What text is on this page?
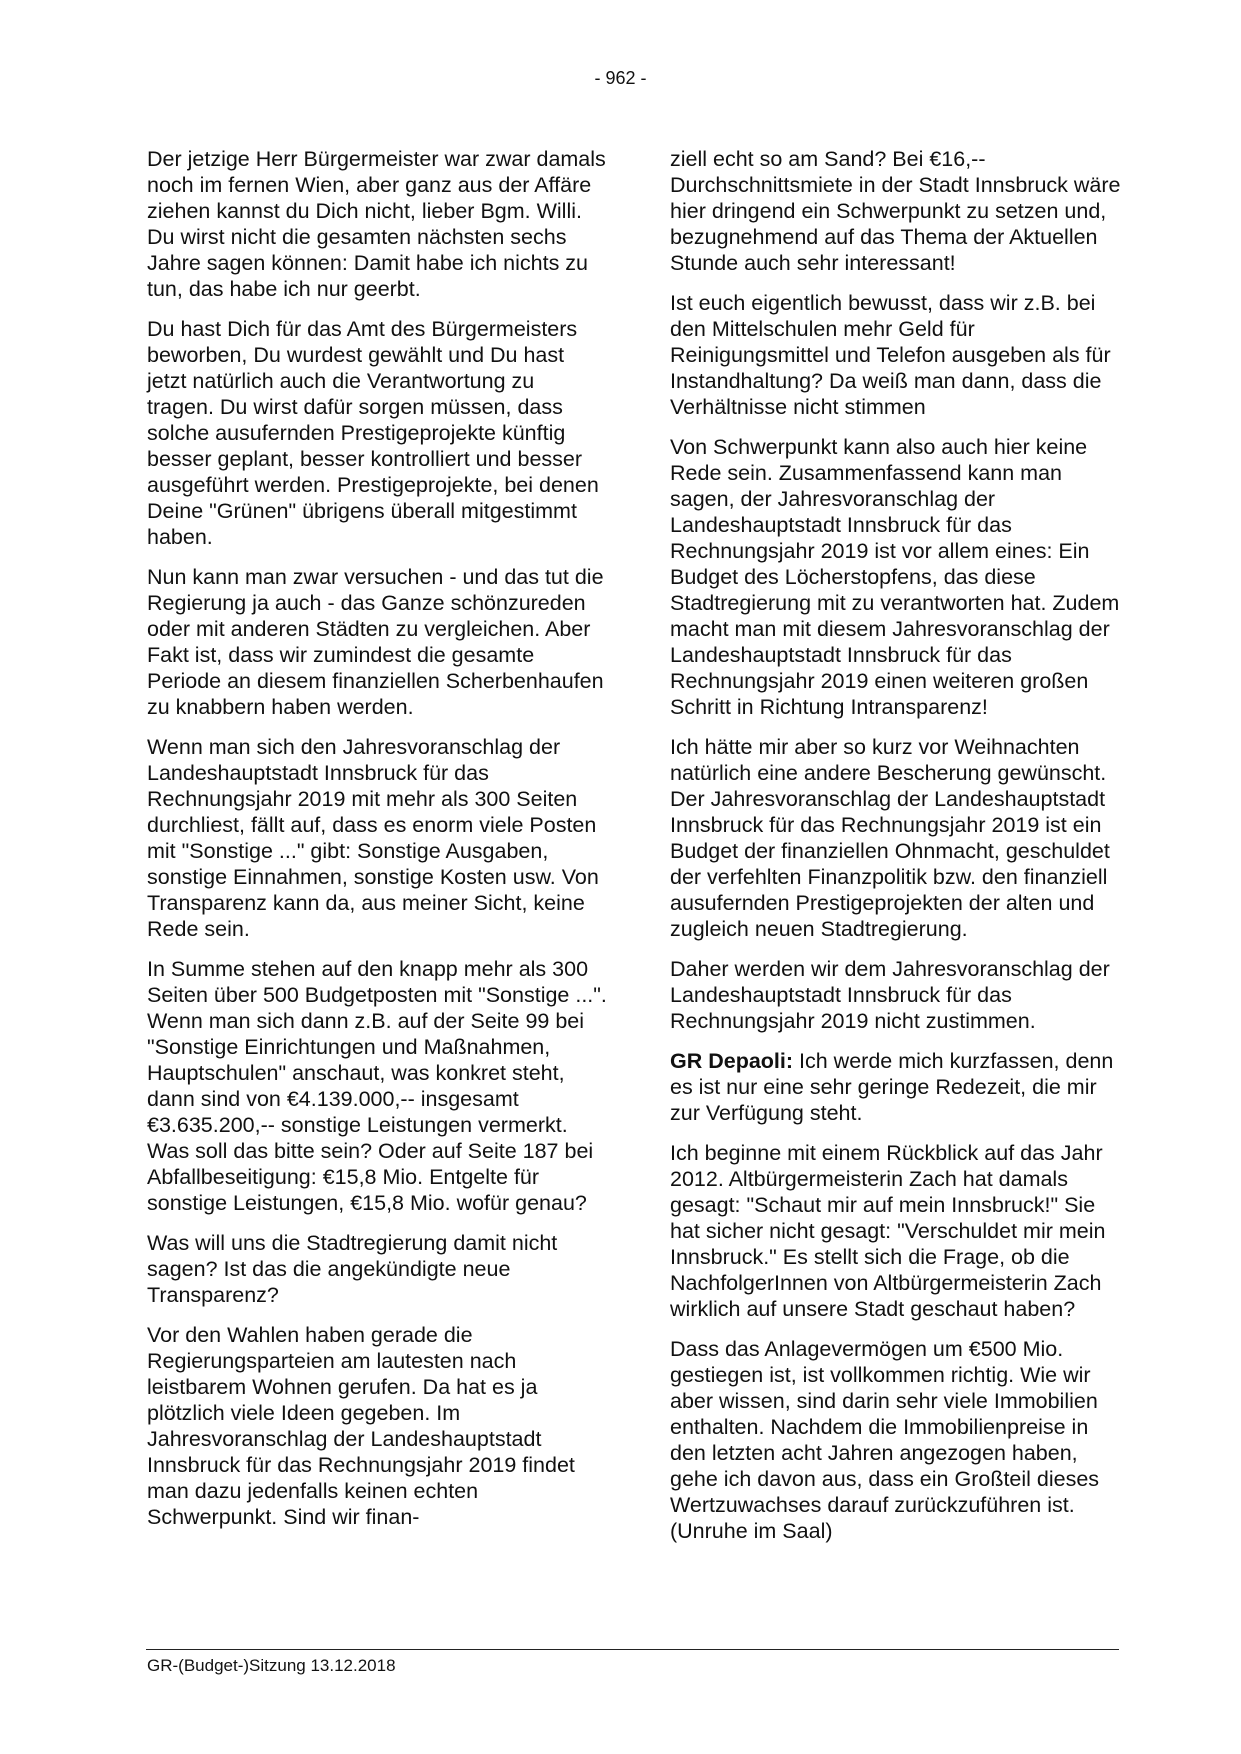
- 962 -

Der jetzige Herr Bürgermeister war zwar damals noch im fernen Wien, aber ganz aus der Affäre ziehen kannst du Dich nicht, lieber Bgm. Willi. Du wirst nicht die gesamten nächsten sechs Jahre sagen können: Damit habe ich nichts zu tun, das habe ich nur geerbt.

Du hast Dich für das Amt des Bürgermeisters beworben, Du wurdest gewählt und Du hast jetzt natürlich auch die Verantwortung zu tragen. Du wirst dafür sorgen müssen, dass solche ausufernden Prestigeprojekte künftig besser geplant, besser kontrolliert und besser ausgeführt werden. Prestigeprojekte, bei denen Deine "Grünen" übrigens überall mitgestimmt haben.

Nun kann man zwar versuchen - und das tut die Regierung ja auch - das Ganze schönzureden oder mit anderen Städten zu vergleichen. Aber Fakt ist, dass wir zumindest die gesamte Periode an diesem finanziellen Scherbenhaufen zu knabbern haben werden.

Wenn man sich den Jahresvoranschlag der Landeshauptstadt Innsbruck für das Rechnungsjahr 2019 mit mehr als 300 Seiten durchliest, fällt auf, dass es enorm viele Posten mit "Sonstige ..." gibt: Sonstige Ausgaben, sonstige Einnahmen, sonstige Kosten usw. Von Transparenz kann da, aus meiner Sicht, keine Rede sein.

In Summe stehen auf den knapp mehr als 300 Seiten über 500 Budgetposten mit "Sonstige ...". Wenn man sich dann z.B. auf der Seite 99 bei "Sonstige Einrichtungen und Maßnahmen, Hauptschulen" anschaut, was konkret steht, dann sind von €4.139.000,-- insgesamt €3.635.200,-- sonstige Leistungen vermerkt. Was soll das bitte sein? Oder auf Seite 187 bei Abfallbeseitigung: €15,8 Mio. Entgelte für sonstige Leistungen, €15,8 Mio. wofür genau?

Was will uns die Stadtregierung damit nicht sagen? Ist das die angekündigte neue Transparenz?

Vor den Wahlen haben gerade die Regierungsparteien am lautesten nach leistbarem Wohnen gerufen. Da hat es ja plötzlich viele Ideen gegeben. Im Jahresvoranschlag der Landeshauptstadt Innsbruck für das Rechnungsjahr 2019 findet man dazu jedenfalls keinen echten Schwerpunkt. Sind wir finan-

ziell echt so am Sand? Bei €16,-- Durchschnittsmiete in der Stadt Innsbruck wäre hier dringend ein Schwerpunkt zu setzen und, bezugnehmend auf das Thema der Aktuellen Stunde auch sehr interessant!

Ist euch eigentlich bewusst, dass wir z.B. bei den Mittelschulen mehr Geld für Reinigungsmittel und Telefon ausgeben als für Instandhaltung? Da weiß man dann, dass die Verhältnisse nicht stimmen

Von Schwerpunkt kann also auch hier keine Rede sein. Zusammenfassend kann man sagen, der Jahresvoranschlag der Landeshauptstadt Innsbruck für das Rechnungsjahr 2019 ist vor allem eines: Ein Budget des Löcherstopfens, das diese Stadtregierung mit zu verantworten hat. Zudem macht man mit diesem Jahresvoranschlag der Landeshauptstadt Innsbruck für das Rechnungsjahr 2019 einen weiteren großen Schritt in Richtung Intransparenz!

Ich hätte mir aber so kurz vor Weihnachten natürlich eine andere Bescherung gewünscht. Der Jahresvoranschlag der Landeshauptstadt Innsbruck für das Rechnungsjahr 2019 ist ein Budget der finanziellen Ohnmacht, geschuldet der verfehlten Finanzpolitik bzw. den finanziell ausufernden Prestigeprojekten der alten und zugleich neuen Stadtregierung.

Daher werden wir dem Jahresvoranschlag der Landeshauptstadt Innsbruck für das Rechnungsjahr 2019 nicht zustimmen.

GR Depaoli: Ich werde mich kurzfassen, denn es ist nur eine sehr geringe Redezeit, die mir zur Verfügung steht.

Ich beginne mit einem Rückblick auf das Jahr 2012. Altbürgermeisterin Zach hat damals gesagt: "Schaut mir auf mein Innsbruck!" Sie hat sicher nicht gesagt: "Verschuldet mir mein Innsbruck." Es stellt sich die Frage, ob die NachfolgerInnen von Altbürgermeisterin Zach wirklich auf unsere Stadt geschaut haben?

Dass das Anlagevermögen um €500 Mio. gestiegen ist, ist vollkommen richtig. Wie wir aber wissen, sind darin sehr viele Immobilien enthalten. Nachdem die Immobilienpreise in den letzten acht Jahren angezogen haben, gehe ich davon aus, dass ein Großteil dieses Wertzuwachses darauf zurückzuführen ist. (Unruhe im Saal)

GR-(Budget-)Sitzung 13.12.2018
